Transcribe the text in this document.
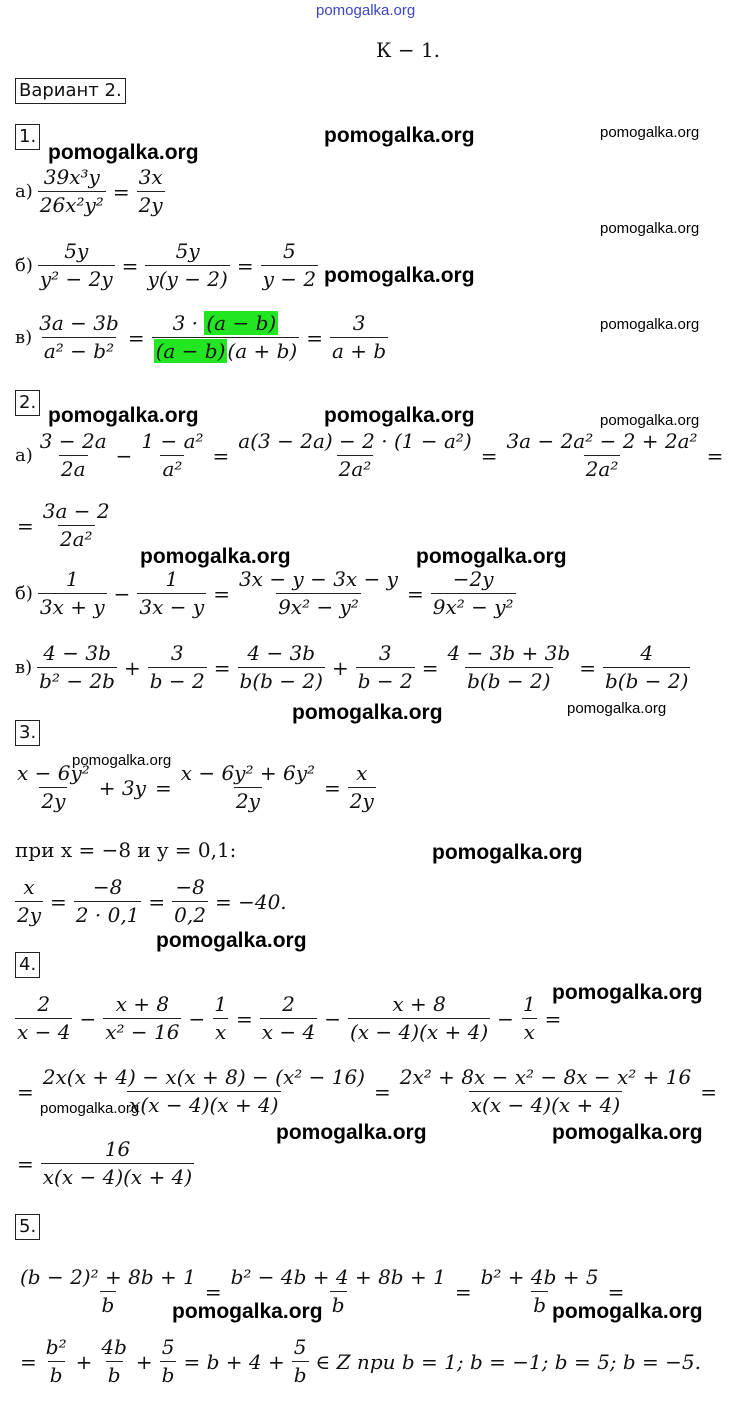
pomogalka.org
К − 1.
Вариант 2.
pomogalka.org
pomogalka.org
pomogalka.org
pomogalka.org
pomogalka.org
pomogalka.org
pomogalka.org	pomogalka.org	pomogalka.org
pomogalka.org	pomogalka.org
pomogalka.org	pomogalka.org
pomogalka.org
pomogalka.org
pomogalka.org
pomogalka.org
pomogalka.org
pomogalka.org	pomogalka.org
pomogalka.org	pomogalka.org
1.
$а) \frac{\text{39x³y}}{\text{26x²y²}} = \frac{3x}{2y}$
$б) \frac{5y}{\text{y² − 2y}} = \frac{5y}{y(y - 2)} = \frac{5}{y - 2}$
$в) \frac{3a - 3b}{\text{a² − b²}} = \frac{3 \cdot (a - b)}{(a - b) (a + b)} = \frac{3}{a + b}$
2.
$а) \frac{3 - 2a}{2a} - \frac{\text{1 − a²}}{\text{a²}} = \frac{\text{a(3 − 2a) − 2 · (1 − a²)}}{\text{2a²}} = \frac{\text{3a − 2a² − 2 + 2a²}}{\text{2a²}}$ =
= $\frac{3a - 2}{\text{2a²}}$
$б) \frac{1}{3x + y} - \frac{1}{3x - y} = \frac{3x - y - 3x - y}{\text{9x² − y²}} = \frac{-2y}{\text{9x² − y²}}$
$в) \frac{4 - 3b}{\text{b² − 2b}} + \frac{3}{b - 2} = \frac{4 - 3b}{b(b - 2)} + \frac{3}{b - 2} = \frac{4 - 3b + 3b}{b(b - 2)} = \frac{4}{b(b - 2)}$
3.
$\frac{\text{x − 6y²}}{2y} + 3y = \frac{\text{x − 6y² + 6y²}}{2y} = \frac{x}{2y}$
при x = −8 и y = 0,1:
$\frac{x}{2y} = \frac{-8}{2 \cdot 0,1} = \frac{-8}{0,2} = -40$.
4.
$\frac{2}{x - 4} - \frac{x + 8}{\text{x² − 16}} - \frac{1}{x} = \frac{2}{x - 4} - \frac{x + 8}{(x - 4)(x + 4)} - \frac{1}{x}$ =
= $\frac{\text{2x(x + 4) − x(x + 8) − (x² − 16)}}{x(x - 4)(x + 4)} = \frac{\text{2x² + 8x − x² − 8x − x² + 16}}{x(x - 4)(x + 4)}$ =
= $\frac{16}{x(x - 4)(x + 4)}$
5.
$\frac{\text{(b − 2)² + 8b + 1}}{b} = \frac{\text{b² − 4b + 4 + 8b + 1}}{b} = \frac{\text{b² + 4b + 5}}{b}$ =
= $\frac{\text{b²}}{b} + \frac{4b}{b} + \frac{5}{b} = b + 4 + \frac{5}{b}$ ∈ Z при b = 1; b = −1; b = 5; b = −5.
